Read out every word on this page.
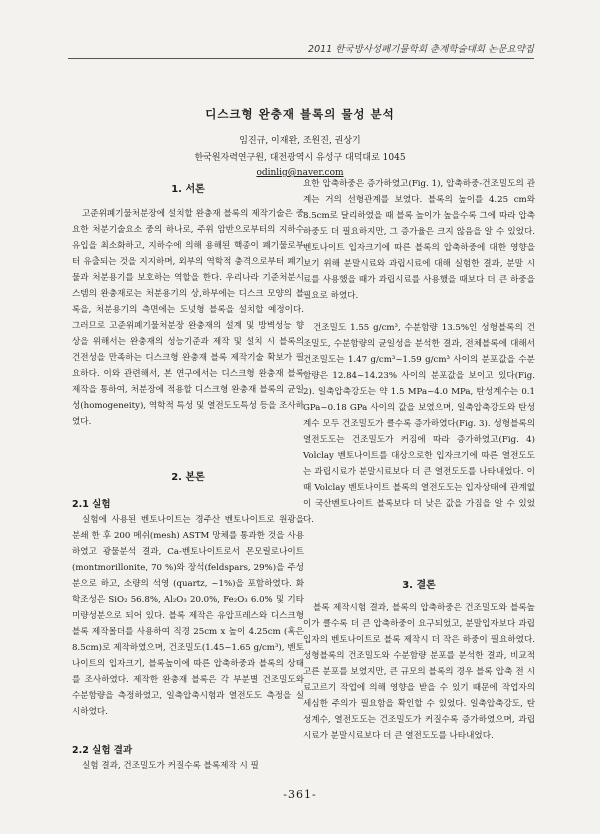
2011 한국방사성폐기물학회 춘계학술대회 논문요약집
디스크형 완충재 블록의 물성 분석
임진규, 이재완, 조원진, 권상기
한국원자력연구원, 대전광역시 유성구 대덕대로 1045
odinlig@naver.com
1. 서론

고준위폐기물처분장에 설치할 완충재 블록의 제작기술은 중요한 처분기술요소 중의 하나로, 주위 암반으로부터의 지하수 유입을 최소화하고, 지하수에 의해 용해된 핵종이 폐기물로부터 유출되는 것을 지지하며, 외부의 역학적 충격으로부터 폐기물과 처분용기를 보호하는 역할을 한다. 우리나라 기준처분시스템의 완충재로는 처분용기의 상,하부에는 디스크 모양의 블록을, 처분용기의 측면에는 도넛형 블록을 설치할 예정이다. 그러므로 고준위폐기물처분장 완충재의 설계 및 방벽성능 향상을 위해서는 완충재의 성능기준과 제작 및 설치 시 블록의 건전성을 만족하는 디스크형 완충재 블록 제작기술 확보가 필요하다. 이와 관련해서, 본 연구에서는 디스크형 완충재 블록 제작을 통하여, 처분장에 적용할 디스크형 완충재 블록의 균일성(homogeneity), 역학적 특성 및 열전도도특성 등을 조사하였다.

2. 본론
2.1 실험

실험에 사용된 벤토나이트는 경주산 벤토나이트로 원광을 분쇄 한 후 200 메쉬(mesh) ASTM 망체를 통과한 것을 사용하였고 광물분석 결과, Ca-벤토나이트로서 몬모릴로나이트(montmorillonite, 70 %)와 장석(feldspars, 29%)을 주성분으로 하고, 소량의 석영 (quartz, ~1%)을 포함하였다. 화학조성은 SiO₂ 56.8%, Al₂O₃ 20.0%, Fe₂O₃ 6.0% 및 기타 미량성분으로 되어 있다. 블록 제작은 유압프레스와 디스크형 블록 제작몰더를 사용하여 직경 25cm x 높이 4.25cm (혹은 8.5cm)로 제작하였으며, 건조밀도(1.45~1.65 g/cm³), 벤토나이트의 입자크기, 블록높이에 따른 압축하중과 블록의 상태를 조사하였다. 제작한 완충재 블록은 각 부분별 건조밀도와 수분함량을 측정하였고, 일축압축시험과 열전도도 측정을 실시하였다.

2.2 실험 결과

실험 결과, 건조밀도가 커질수록 블록제작 시 필

요한 압축하중은 증가하였고(Fig. 1), 압축하중-건조밀도의 관계는 거의 선형관계를 보였다. 블록의 높이를 4.25 cm와 8.5cm로 달리하였을 때 블록 높이가 높을수록 그에 따라 압축하중도 더 필요하지만, 그 증가율은 크지 않음을 알 수 있었다. 벤토나이트 입자크기에 따른 블록의 압축하중에 대한 영향을 보기 위해 분말시료와 과립시료에 대해 실험한 결과, 분말 시료를 사용했을 때가 과립시료를 사용했을 때보다 더 큰 하중을 필요로 하였다.

건조밀도 1.55 g/cm³, 수분함량 13.5%인 성형블록의 건조밀도, 수분함량의 균일성을 분석한 결과, 전체블록에 대해서 건조밀도는 1.47 g/cm³~1.59 g/cm³ 사이의 분포값을 수분함량은 12.84~14.23% 사이의 분포값을 보이고 있다(Fig. 2). 일축압축강도는 약 1.5 MPa~4.0 MPa, 탄성계수는 0.1 GPa~0.18 GPa 사이의 값을 보였으며, 일축압축강도와 탄성계수 모두 건조밀도가 클수록 증가하였다(Fig. 3). 성형블록의 열전도도는 건조밀도가 커짐에 따라 증가하였고(Fig. 4) Volclay 벤토나이트를 대상으로한 입자크기에 따른 열전도도는 과립시료가 분말시료보다 더 큰 열전도도를 나타내었다. 이때 Volclay 벤토나이트 블록의 열전도도는 입자상태에 관계없이 국산벤토나이트 블록보다 더 낮은 값을 가짐을 알 수 있었다.

3. 결론

블록 제작시험 결과, 블록의 압축하중은 건조밀도와 블록높이가 클수록 더 큰 압축하중이 요구되었고, 분말입자보다 과립입자의 벤토나이트로 블록 제작시 더 작은 하중이 필요하였다. 성형블록의 건조밀도와 수분함량 분포를 분석한 결과, 비교적 고른 분포를 보였지만, 큰 규모의 블록의 경우 블록 압축 전 시료고르기 작업에 의해 영향을 받을 수 있기 때문에 작업자의 세심한 주의가 필요함을 확인할 수 있었다. 일축압축강도, 탄성계수, 열전도도는 건조밀도가 커질수록 증가하였으며, 과립시료가 분말시료보다 더 큰 열전도도를 나타내었다.

-361-
